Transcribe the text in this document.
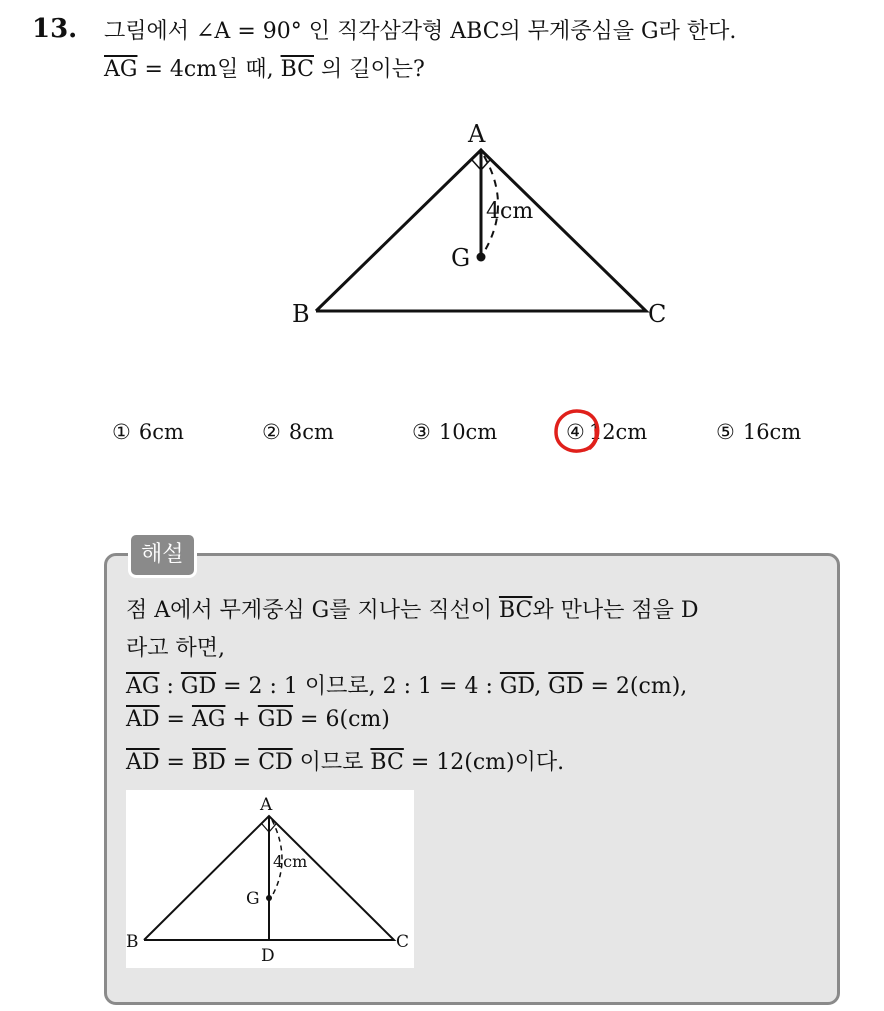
13. 그림에서 ∠A = 90° 인 직각삼각형 ABC의 무게중심을 G라 한다.
$\overline{AG} = 4cm$일 때, $\overline{BC}$ 의 길이는?
A
B	C
G
4cm
① 6cm	② 8cm	③ 10cm	④ 12cm	⑤ 16cm
해설
점 A에서 무게중심 G를 지나는 직선이 $\overline{BC}$와 만나는 점을 D
라고 하면,
$\overline{AG}$ : $\overline{GD} = 2$ : 1 이므로, 2 : 1 = 4 : $\overline{GD}$, $\overline{GD} = 2(cm)$,
$\overline{AD} = \overline{AG} + \overline{GD} = 6(cm)$
$\overline{AD} = \overline{BD} = \overline{CD}$ 이므로 $\overline{BC} = 12(cm)$이다.
A
B	C
G
D
4cm
